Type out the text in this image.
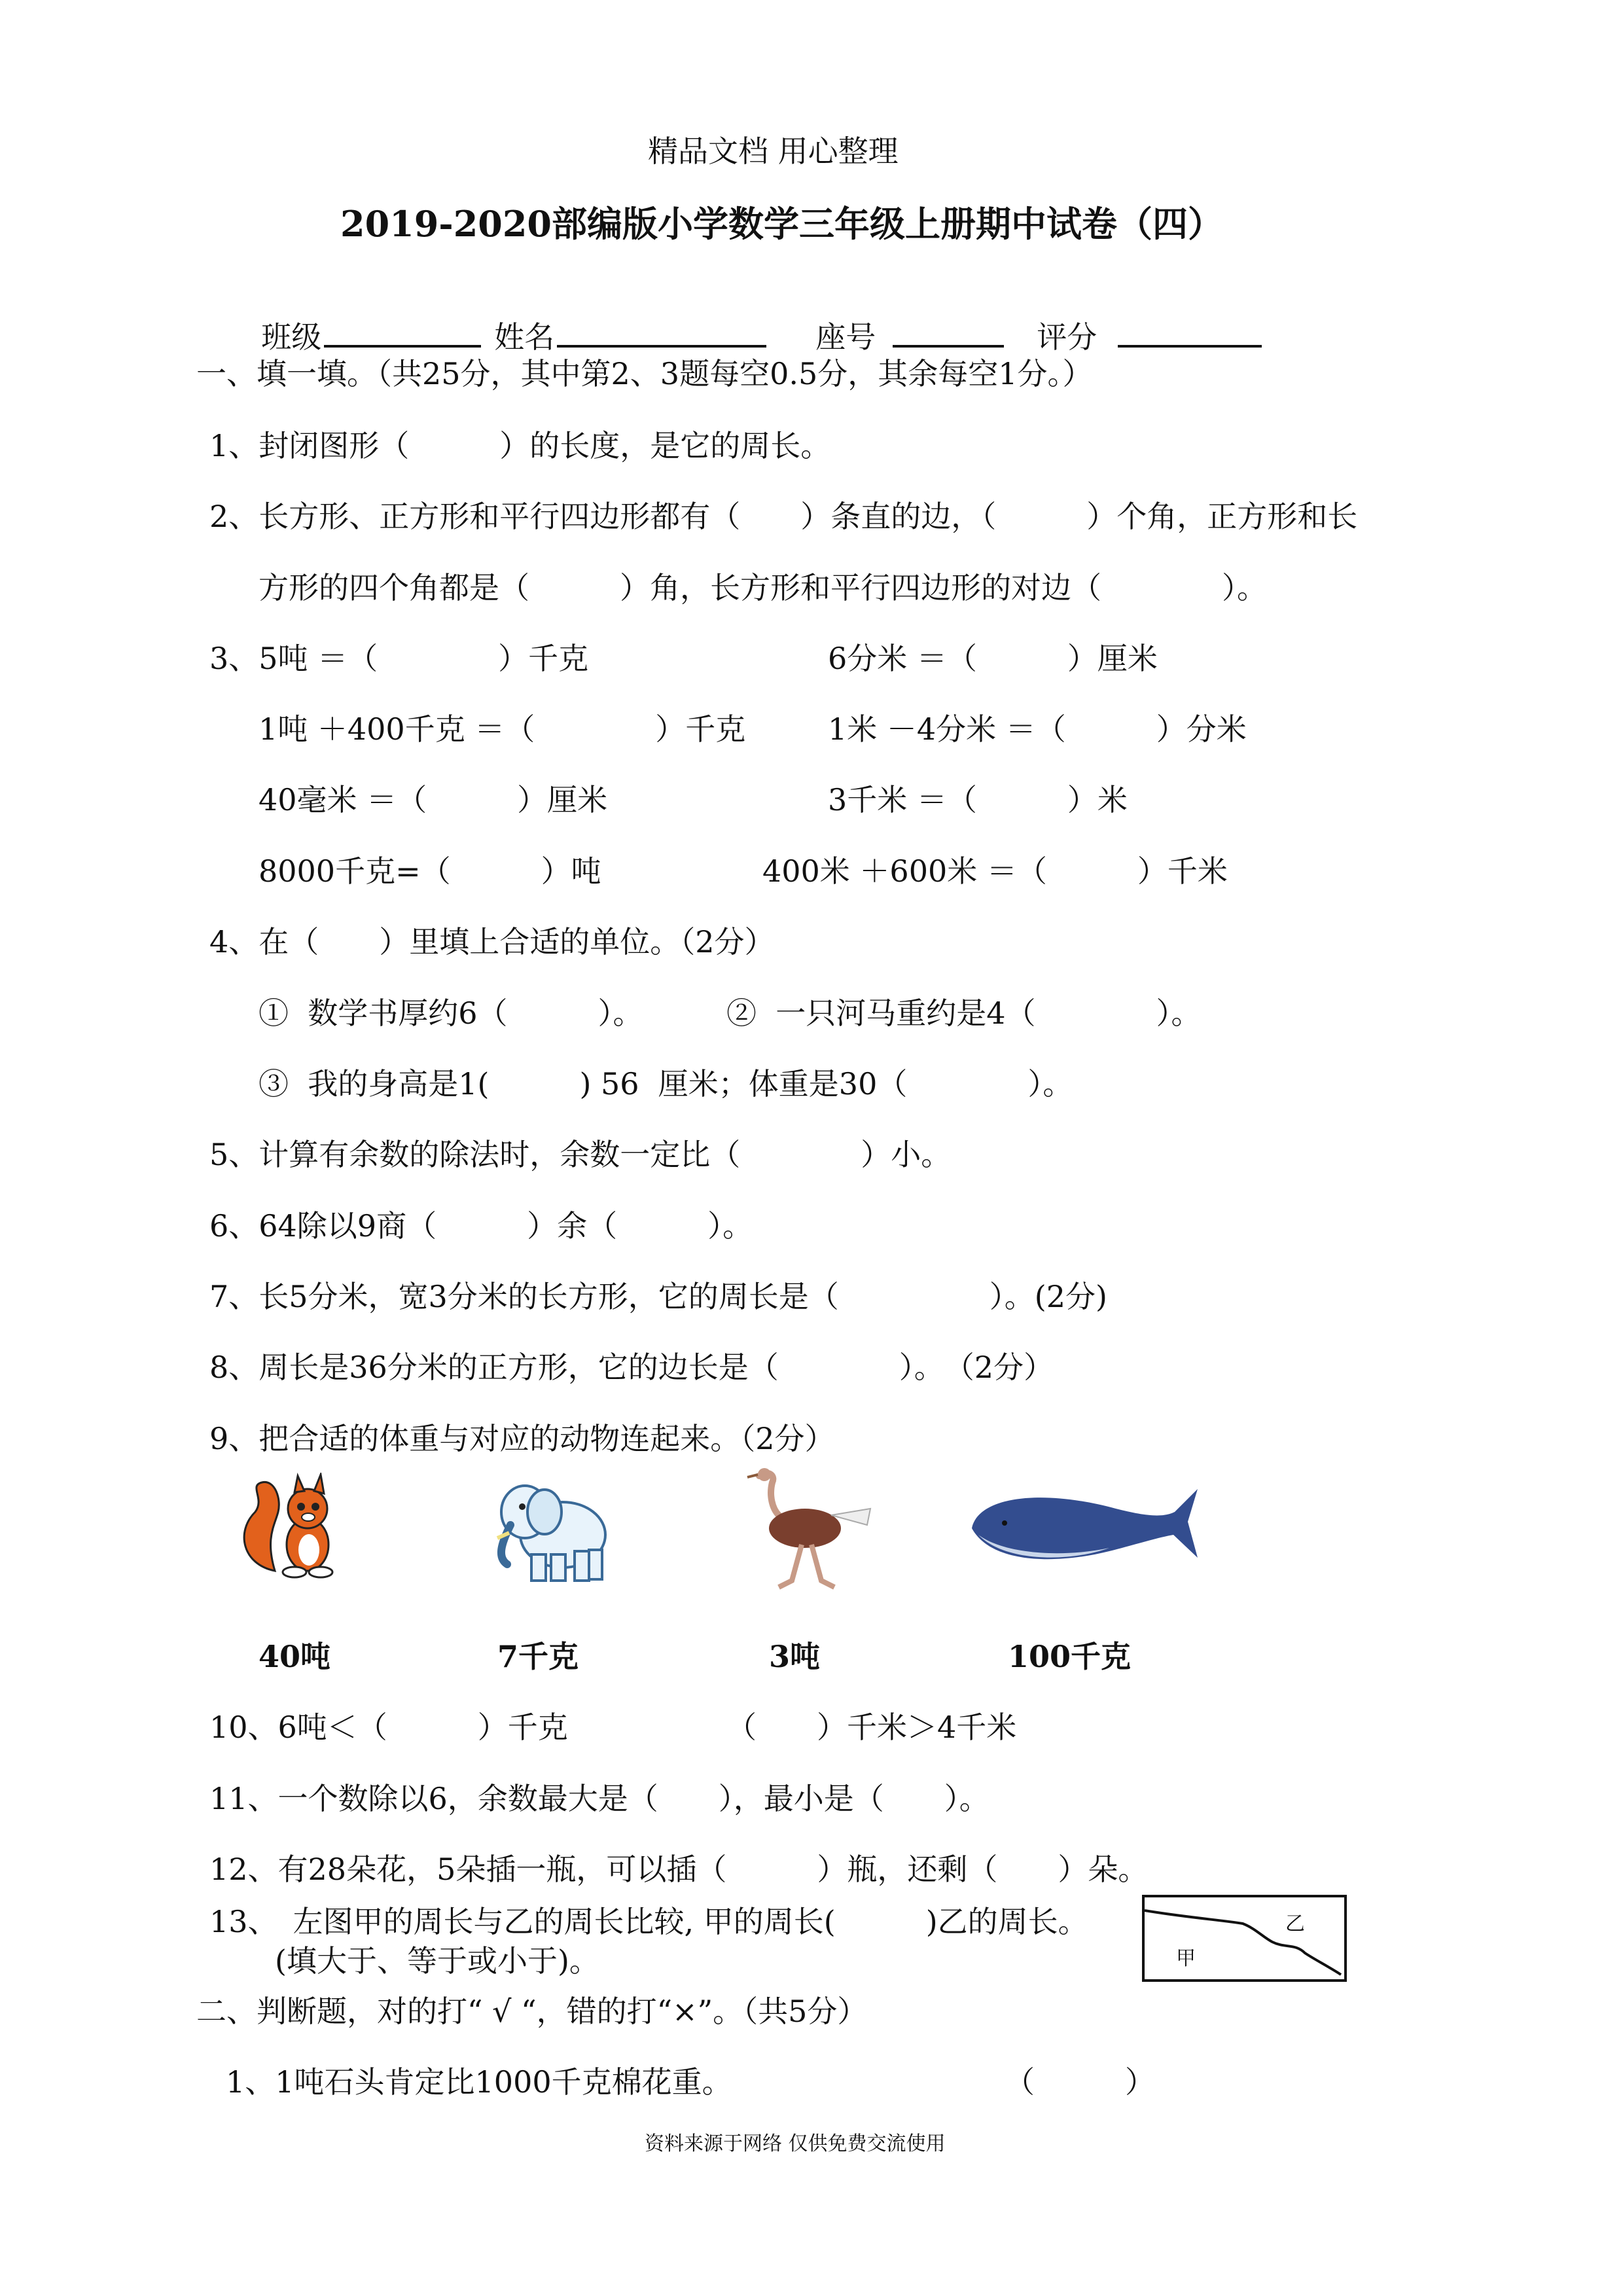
精品文档 用心整理
2019-2020部编版小学数学三年级上册期中试卷（四）

班级	姓名	座号	评分

一、填一填。（共25分，其中第2、3题每空0.5分，其余每空1分。）
1、封闭图形（　　　）的长度，是它的周长。
2、长方形、正方形和平行四边形都有（　　）条直的边，（　　　）个角，正方形和长
方形的四个角都是（　　　）角，长方形和平行四边形的对边（　　　　）。
3、5吨 ＝（　　　　）千克	6分米 ＝（　　　）厘米
1吨 ＋400千克 ＝（　　　　）千克	1米 －4分米 ＝（　　　）分米
40毫米 ＝（　　　）厘米	3千米 ＝（　　　）米
8000千克=（　　　）吨	400米 ＋600米 ＝（　　　）千米
4、在（　　）里填上合适的单位。（2分）
①  数学书厚约6（　　　）。	②  一只河马重约是4（　　　　）。
③  我的身高是1(　　　) 56  厘米；体重是30（　　　　）。
5、计算有余数的除法时，余数一定比（　　　　）小。
6、64除以9商（　　　）余（　　　）。
7、长5分米，宽3分米的长方形，它的周长是（　　　　　）。(2分)
8、周长是36分米的正方形，它的边长是（　　　　）。　（2分）
9、把合适的体重与对应的动物连起来。（2分）
40吨	7千克	3吨	100千克
10、6吨＜（　　　）千克	（　　）千米＞4千米
11、一个数除以6，余数最大是（　　），最小是（　　）。
12、有28朵花，5朵插一瓶，可以插（　　　）瓶，还剩（　　）朵。
13、　左图甲的周长与乙的周长比较, 甲的周长(　　　)乙的周长。
(填大于、等于或小于)。

	甲

乙

二、判断题，对的打“ √ “，错的打“×”。（共5分）
1、1吨石头肯定比1000千克棉花重。	（　　　）
资料来源于网络 仅供免费交流使用
